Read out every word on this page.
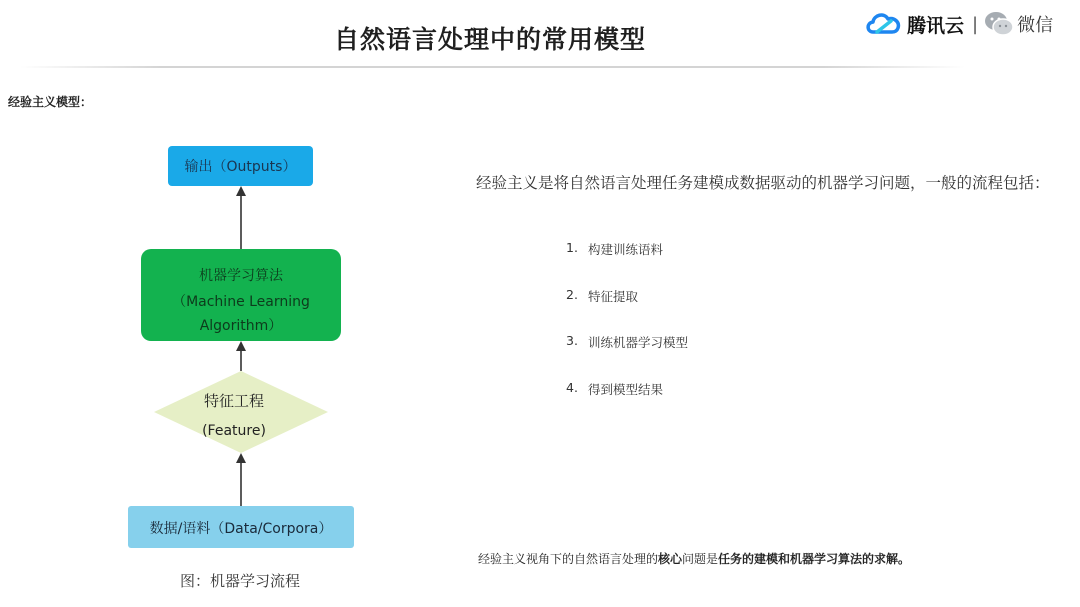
自然语言处理中的常用模型	腾讯云 | 微信
经验主义模型：
输出（Outputs）
机器学习算法
（Machine Learning
Algorithm）
特征工程
(Feature)
数据/语料（Data/Corpora）
图：机器学习流程
经验主义是将自然语言处理任务建模成数据驱动的机器学习问题，一般的流程包括：
1. 构建训练语料
2. 特征提取
3. 训练机器学习模型
4. 得到模型结果
经验主义视角下的自然语言处理的核心问题是任务的建模和机器学习算法的求解。
